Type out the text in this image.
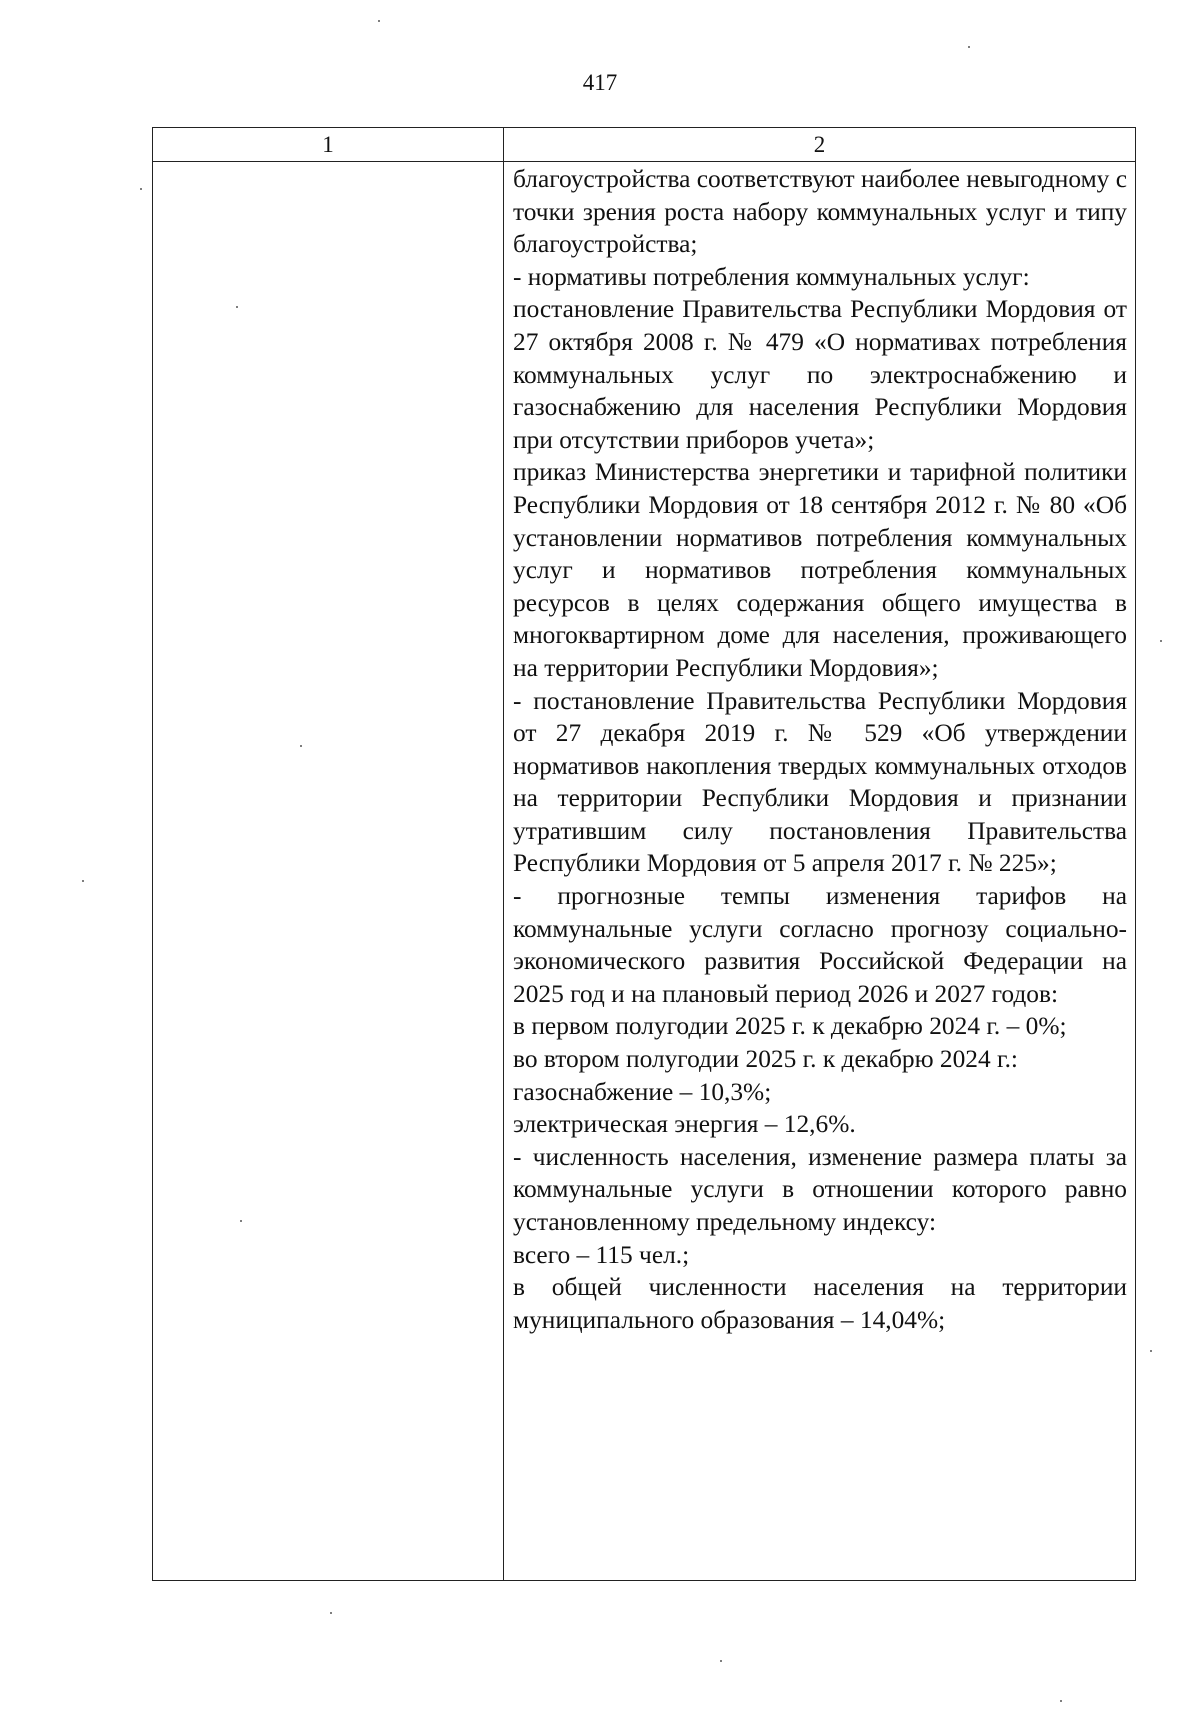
417
1	2

благоустройства соответствуют наиболее невыгодному с точки зрения роста набору коммунальных услуг и типу благоустройства;

- нормативы потребления коммунальных услуг:

постановление Правительства Республики Мордовия от 27 октября 2008 г. № 479 «О нормативах потребления коммунальных услуг по электроснабжению и газоснабжению для населения Республики Мордовия при отсутствии приборов учета»;

приказ Министерства энергетики и тарифной политики Республики Мордовия от 18 сентября 2012 г. № 80 «Об установлении нормативов потребления коммунальных услуг и нормативов потребления коммунальных ресурсов в целях содержания общего имущества в многоквартирном доме для населения, проживающего на территории Республики Мордовия»;

- постановление Правительства Республики Мордовия от 27 декабря 2019 г. № 529 «Об утверждении нормативов накопления твердых коммунальных отходов на территории Республики Мордовия и признании утратившим силу постановления Правительства Республики Мордовия от 5 апреля 2017 г. № 225»;

- прогнозные темпы изменения тарифов на коммунальные услуги согласно прогнозу социально-экономического развития Российской Федерации на 2025 год и на плановый период 2026 и 2027 годов:

в первом полугодии 2025 г. к декабрю 2024 г. – 0%;

во втором полугодии 2025 г. к декабрю 2024 г.:

газоснабжение – 10,3%;

электрическая энергия – 12,6%.

- численность населения, изменение размера платы за коммунальные услуги в отношении которого равно установленному предельному индексу:

всего – 115 чел.;

в общей численности населения на территории муниципального образования – 14,04%;
